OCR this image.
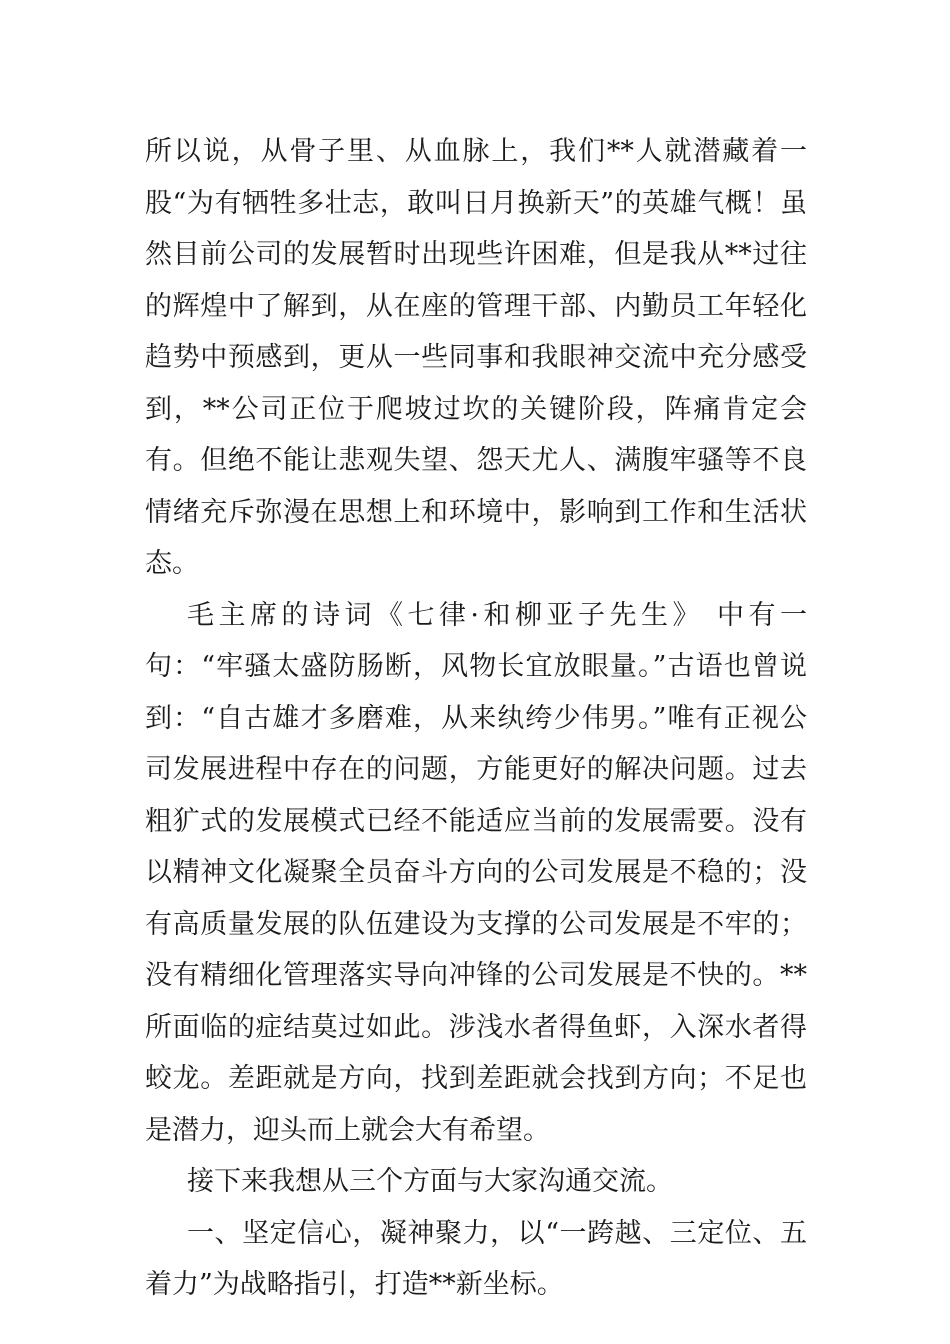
所以说，从骨子里、从血脉上，我们**人就潜藏着一股“为有牺牲多壮志，敢叫日月换新天”的英雄气概！虽然目前公司的发展暂时出现些许困难，但是我从**过往的辉煌中了解到，从在座的管理干部、内勤员工年轻化趋势中预感到，更从一些同事和我眼神交流中充分感受到，**公司正位于爬坡过坎的关键阶段，阵痛肯定会有。但绝不能让悲观失望、怨天尤人、满腹牢骚等不良情绪充斥弥漫在思想上和环境中，影响到工作和生活状态。

毛主席的诗词《七律·和柳亚子先生》 中有一句：“牢骚太盛防肠断，风物长宜放眼量。”古语也曾说到：“自古雄才多磨难，从来纨绔少伟男。”唯有正视公司发展进程中存在的问题，方能更好的解决问题。过去粗犷式的发展模式已经不能适应当前的发展需要。没有以精神文化凝聚全员奋斗方向的公司发展是不稳的；没有高质量发展的队伍建设为支撑的公司发展是不牢的；没有精细化管理落实导向冲锋的公司发展是不快的。**所面临的症结莫过如此。涉浅水者得鱼虾，入深水者得蛟龙。差距就是方向，找到差距就会找到方向；不足也是潜力，迎头而上就会大有希望。

接下来我想从三个方面与大家沟通交流。

一、坚定信心，凝神聚力，以“一跨越、三定位、五着力”为战略指引，打造**新坐标。
